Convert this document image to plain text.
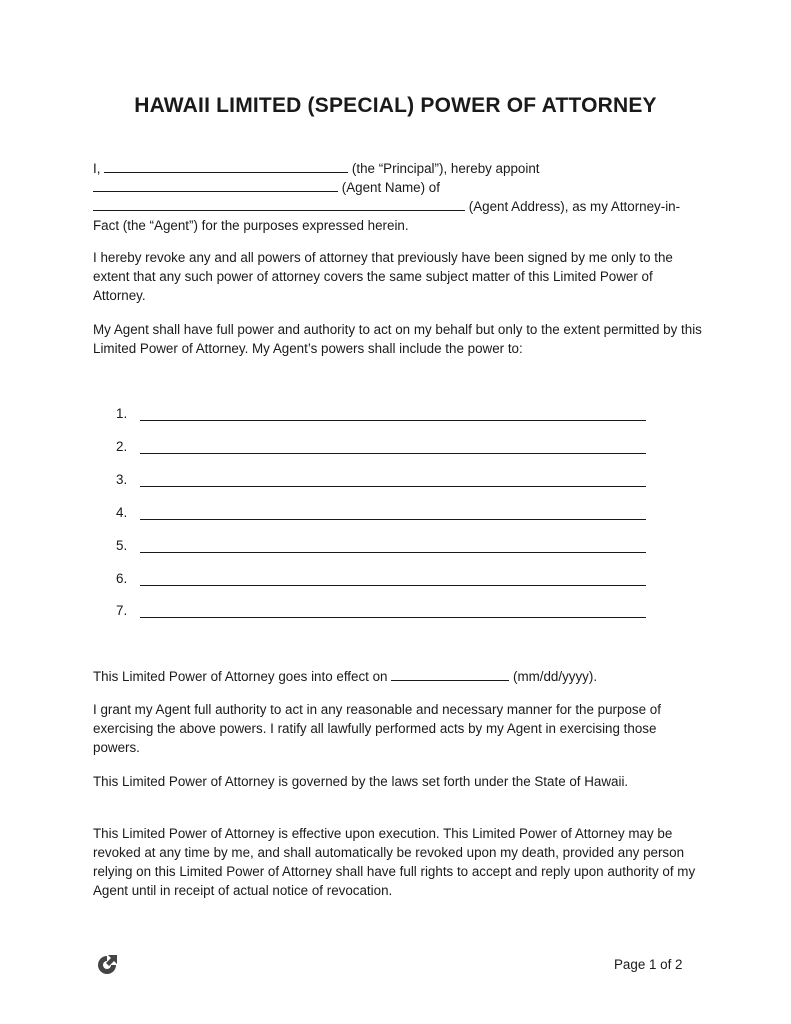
HAWAII LIMITED (SPECIAL) POWER OF ATTORNEY
I,	(the “Principal”), hereby appoint
(Agent Name) of
(Agent Address), as my Attorney-in-
Fact (the “Agent”) for the purposes expressed herein.
I hereby revoke any and all powers of attorney that previously have been signed by me only to the extent that any such power of attorney covers the same subject matter of this Limited Power of Attorney.
My Agent shall have full power and authority to act on my behalf but only to the extent permitted by this Limited Power of Attorney. My Agent’s powers shall include the power to:
1.
2.
3.
4.
5.
6.
7.
This Limited Power of Attorney goes into effect on	(mm/dd/yyyy).
I grant my Agent full authority to act in any reasonable and necessary manner for the purpose of exercising the above powers. I ratify all lawfully performed acts by my Agent in exercising those powers.
This Limited Power of Attorney is governed by the laws set forth under the State of Hawaii.
This Limited Power of Attorney is effective upon execution. This Limited Power of Attorney may be revoked at any time by me, and shall automatically be revoked upon my death, provided any person relying on this Limited Power of Attorney shall have full rights to accept and reply upon authority of my Agent until in receipt of actual notice of revocation.
Page 1 of 2
